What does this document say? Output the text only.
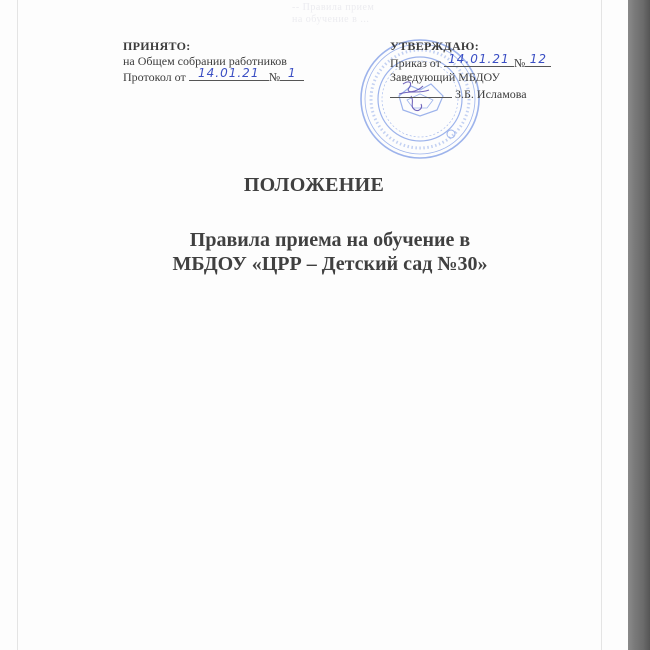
-- Правила прием
на обучение в ...
ПРИНЯТО:
на Общем собрании работников
Протокол от	14.01.21 № 1
УТВЕРЖДАЮ:
Приказ от 14.01.21 № 12
Заведующий МБДОУ
З.Б. Исламова
ПОЛОЖЕНИЕ
Правила приема на обучение в
МБДОУ «ЦРР – Детский сад №30»
